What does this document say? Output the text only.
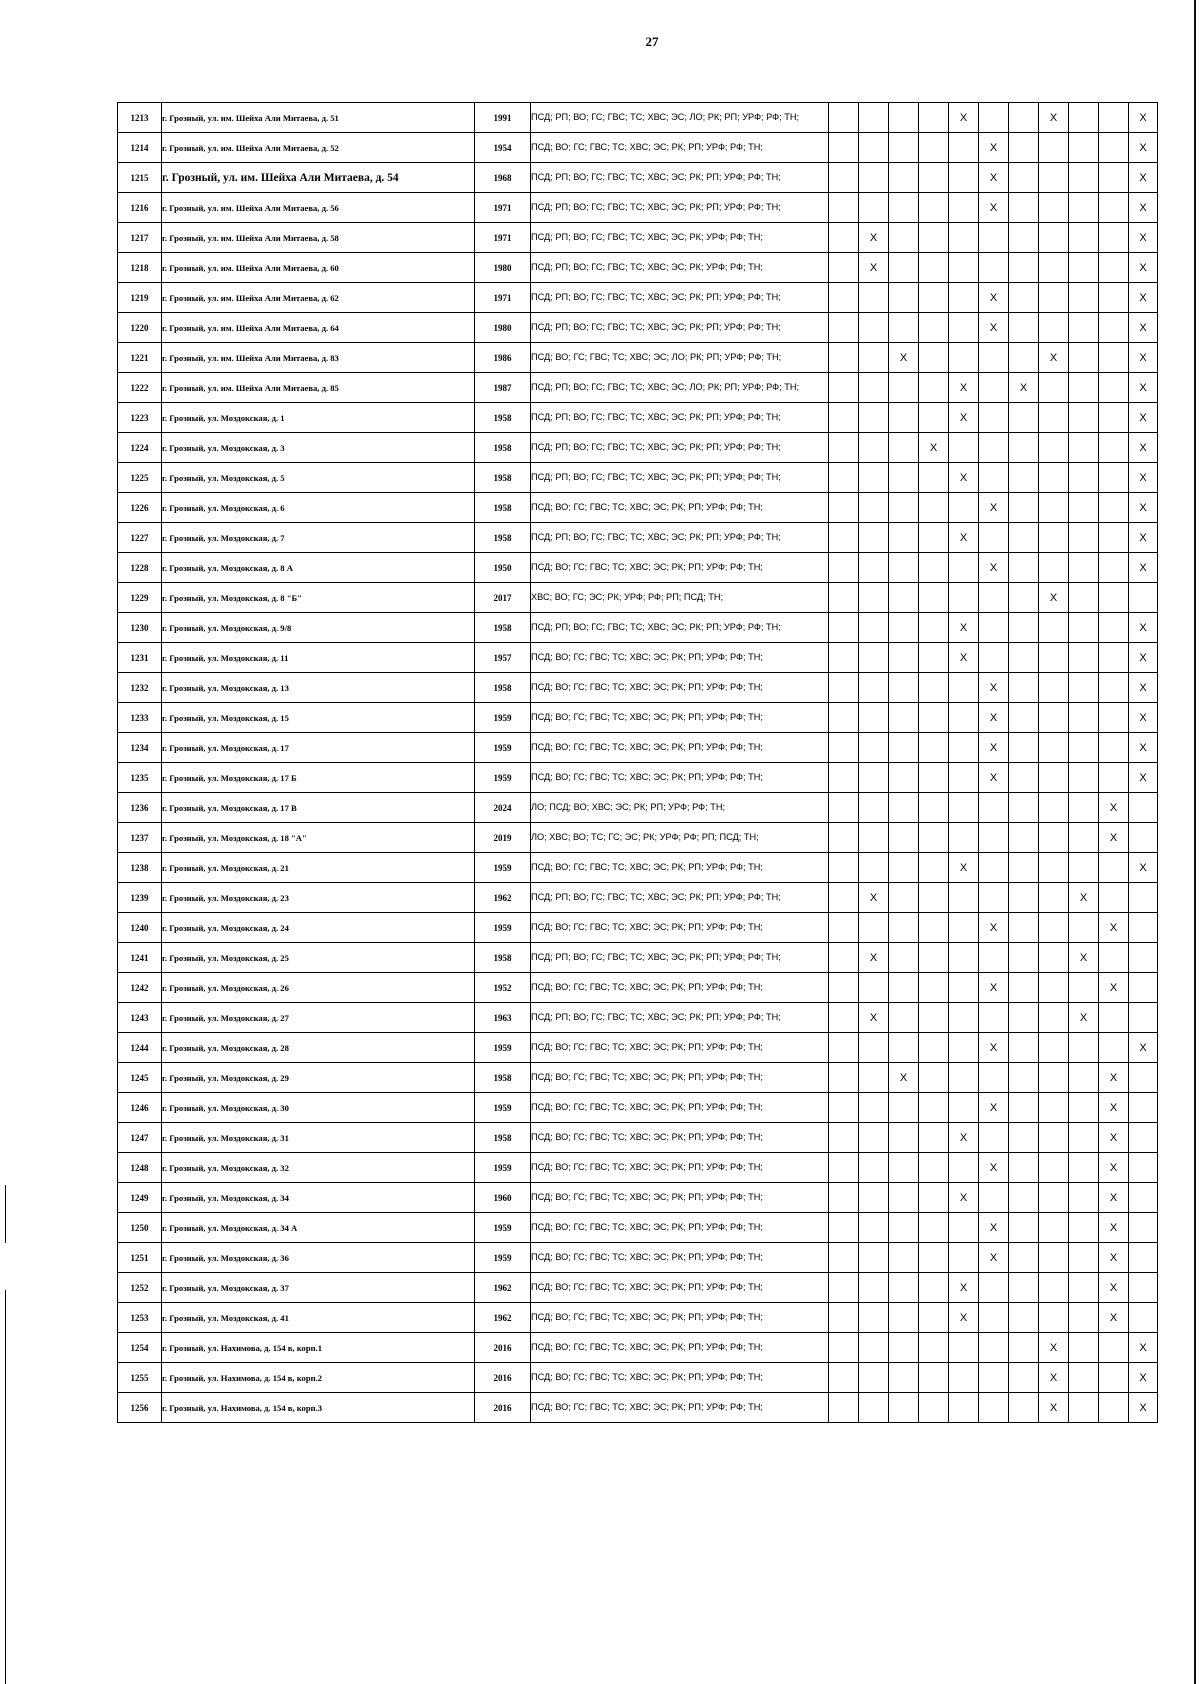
27
1213	г. Грозный, ул. им. Шейха Али Митаева, д. 51	1991	ПСД; РП; ВО; ГС; ГВС; ТС; ХВС; ЭС; ЛО; РК; РП; УРФ; РФ; ТН;					X			X			X
1214	г. Грозный, ул. им. Шейха Али Митаева, д. 52	1954	ПСД; ВО; ГС; ГВС; ТС; ХВС; ЭС; РК; РП; УРФ; РФ; ТН;						X					X
1215	г. Грозный, ул. им. Шейха Али Митаева, д. 54	1968	ПСД; РП; ВО; ГС; ГВС; ТС; ХВС; ЭС; РК; РП; УРФ; РФ; ТН;						X					X
1216	г. Грозный, ул. им. Шейха Али Митаева, д. 56	1971	ПСД; РП; ВО; ГС; ГВС; ТС; ХВС; ЭС; РК; РП; УРФ; РФ; ТН;						X					X
1217	г. Грозный, ул. им. Шейха Али Митаева, д. 58	1971	ПСД; РП; ВО; ГС; ГВС; ТС; ХВС; ЭС; РК; УРФ; РФ; ТН;		X									X
1218	г. Грозный, ул. им. Шейха Али Митаева, д. 60	1980	ПСД; РП; ВО; ГС; ГВС; ТС; ХВС; ЭС; РК; УРФ; РФ; ТН;		X									X
1219	г. Грозный, ул. им. Шейха Али Митаева, д. 62	1971	ПСД; РП; ВО; ГС; ГВС; ТС; ХВС; ЭС; РК; РП; УРФ; РФ; ТН;						X					X
1220	г. Грозный, ул. им. Шейха Али Митаева, д. 64	1980	ПСД; РП; ВО; ГС; ГВС; ТС; ХВС; ЭС; РК; РП; УРФ; РФ; ТН;						X					X
1221	г. Грозный, ул. им. Шейха Али Митаева, д. 83	1986	ПСД; ВО; ГС; ГВС; ТС; ХВС; ЭС; ЛО; РК; РП; УРФ; РФ; ТН;			X					X			X
1222	г. Грозный, ул. им. Шейха Али Митаева, д. 85	1987	ПСД; РП; ВО; ГС; ГВС; ТС; ХВС; ЭС; ЛО; РК; РП; УРФ; РФ; ТН;					X		X				X
1223	г. Грозный, ул. Моздокская, д. 1	1958	ПСД; РП; ВО; ГС; ГВС; ТС; ХВС; ЭС; РК; РП; УРФ; РФ; ТН;					X						X
1224	г. Грозный, ул. Моздокская, д. 3	1958	ПСД; РП; ВО; ГС; ГВС; ТС; ХВС; ЭС; РК; РП; УРФ; РФ; ТН;				X							X
1225	г. Грозный, ул. Моздокская, д. 5	1958	ПСД; РП; ВО; ГС; ГВС; ТС; ХВС; ЭС; РК; РП; УРФ; РФ; ТН;					X						X
1226	г. Грозный, ул. Моздокская, д. 6	1958	ПСД; ВО; ГС; ГВС; ТС; ХВС; ЭС; РК; РП; УРФ; РФ; ТН;						X					X
1227	г. Грозный, ул. Моздокская, д. 7	1958	ПСД; РП; ВО; ГС; ГВС; ТС; ХВС; ЭС; РК; РП; УРФ; РФ; ТН;					X						X
1228	г. Грозный, ул. Моздокская, д. 8 А	1950	ПСД; ВО; ГС; ГВС; ТС; ХВС; ЭС; РК; РП; УРФ; РФ; ТН;						X					X
1229	г. Грозный, ул. Моздокская, д. 8 "Б"	2017	ХВС; ВО; ГС; ЭС; РК; УРФ; РФ; РП; ПСД; ТН;								X			
1230	г. Грозный, ул. Моздокская, д. 9/8	1958	ПСД; РП; ВО; ГС; ГВС; ТС; ХВС; ЭС; РК; РП; УРФ; РФ; ТН;					X						X
1231	г. Грозный, ул. Моздокская, д. 11	1957	ПСД; ВО; ГС; ГВС; ТС; ХВС; ЭС; РК; РП; УРФ; РФ; ТН;					X						X
1232	г. Грозный, ул. Моздокская, д. 13	1958	ПСД; ВО; ГС; ГВС; ТС; ХВС; ЭС; РК; РП; УРФ; РФ; ТН;						X					X
1233	г. Грозный, ул. Моздокская, д. 15	1959	ПСД; ВО; ГС; ГВС; ТС; ХВС; ЭС; РК; РП; УРФ; РФ; ТН;						X					X
1234	г. Грозный, ул. Моздокская, д. 17	1959	ПСД; ВО; ГС; ГВС; ТС; ХВС; ЭС; РК; РП; УРФ; РФ; ТН;						X					X
1235	г. Грозный, ул. Моздокская, д. 17 Б	1959	ПСД; ВО; ГС; ГВС; ТС; ХВС; ЭС; РК; РП; УРФ; РФ; ТН;						X					X
1236	г. Грозный, ул. Моздокская, д. 17 В	2024	ЛО; ПСД; ВО; ХВС; ЭС; РК; РП; УРФ; РФ; ТН;										X	
1237	г. Грозный, ул. Моздокская, д. 18 "А"	2019	ЛО; ХВС; ВО; ТС; ГС; ЭС; РК; УРФ; РФ; РП; ПСД; ТН;										X	
1238	г. Грозный, ул. Моздокская, д. 21	1959	ПСД; ВО; ГС; ГВС; ТС; ХВС; ЭС; РК; РП; УРФ; РФ; ТН;					X						X
1239	г. Грозный, ул. Моздокская, д. 23	1962	ПСД; РП; ВО; ГС; ГВС; ТС; ХВС; ЭС; РК; РП; УРФ; РФ; ТН;		X							X		
1240	г. Грозный, ул. Моздокская, д. 24	1959	ПСД; ВО; ГС; ГВС; ТС; ХВС; ЭС; РК; РП; УРФ; РФ; ТН;						X				X	
1241	г. Грозный, ул. Моздокская, д. 25	1958	ПСД; РП; ВО; ГС; ГВС; ТС; ХВС; ЭС; РК; РП; УРФ; РФ; ТН;		X							X		
1242	г. Грозный, ул. Моздокская, д. 26	1952	ПСД; ВО; ГС; ГВС; ТС; ХВС; ЭС; РК; РП; УРФ; РФ; ТН;						X				X	
1243	г. Грозный, ул. Моздокская, д. 27	1963	ПСД; РП; ВО; ГС; ГВС; ТС; ХВС; ЭС; РК; РП; УРФ; РФ; ТН;		X							X		
1244	г. Грозный, ул. Моздокская, д. 28	1959	ПСД; ВО; ГС; ГВС; ТС; ХВС; ЭС; РК; РП; УРФ; РФ; ТН;						X					X
1245	г. Грозный, ул. Моздокская, д. 29	1958	ПСД; ВО; ГС; ГВС; ТС; ХВС; ЭС; РК; РП; УРФ; РФ; ТН;			X							X	
1246	г. Грозный, ул. Моздокская, д. 30	1959	ПСД; ВО; ГС; ГВС; ТС; ХВС; ЭС; РК; РП; УРФ; РФ; ТН;						X				X	
1247	г. Грозный, ул. Моздокская, д. 31	1958	ПСД; ВО; ГС; ГВС; ТС; ХВС; ЭС; РК; РП; УРФ; РФ; ТН;					X					X	
1248	г. Грозный, ул. Моздокская, д. 32	1959	ПСД; ВО; ГС; ГВС; ТС; ХВС; ЭС; РК; РП; УРФ; РФ; ТН;						X				X	
1249	г. Грозный, ул. Моздокская, д. 34	1960	ПСД; ВО; ГС; ГВС; ТС; ХВС; ЭС; РК; РП; УРФ; РФ; ТН;					X					X	
1250	г. Грозный, ул. Моздокская, д. 34 А	1959	ПСД; ВО; ГС; ГВС; ТС; ХВС; ЭС; РК; РП; УРФ; РФ; ТН;						X				X	
1251	г. Грозный, ул. Моздокская, д. 36	1959	ПСД; ВО; ГС; ГВС; ТС; ХВС; ЭС; РК; РП; УРФ; РФ; ТН;						X				X	
1252	г. Грозный, ул. Моздокская, д. 37	1962	ПСД; ВО; ГС; ГВС; ТС; ХВС; ЭС; РК; РП; УРФ; РФ; ТН;					X					X	
1253	г. Грозный, ул. Моздокская, д. 41	1962	ПСД; ВО; ГС; ГВС; ТС; ХВС; ЭС; РК; РП; УРФ; РФ; ТН;					X					X	
1254	г. Грозный, ул. Нахимова, д. 154 в, корп.1	2016	ПСД; ВО; ГС; ГВС; ТС; ХВС; ЭС; РК; РП; УРФ; РФ; ТН;								X			X
1255	г. Грозный, ул. Нахимова, д. 154 в, корп.2	2016	ПСД; ВО; ГС; ГВС; ТС; ХВС; ЭС; РК; РП; УРФ; РФ; ТН;								X			X
1256	г. Грозный, ул. Нахимова, д. 154 в, корп.3	2016	ПСД; ВО; ГС; ГВС; ТС; ХВС; ЭС; РК; РП; УРФ; РФ; ТН;								X			X
